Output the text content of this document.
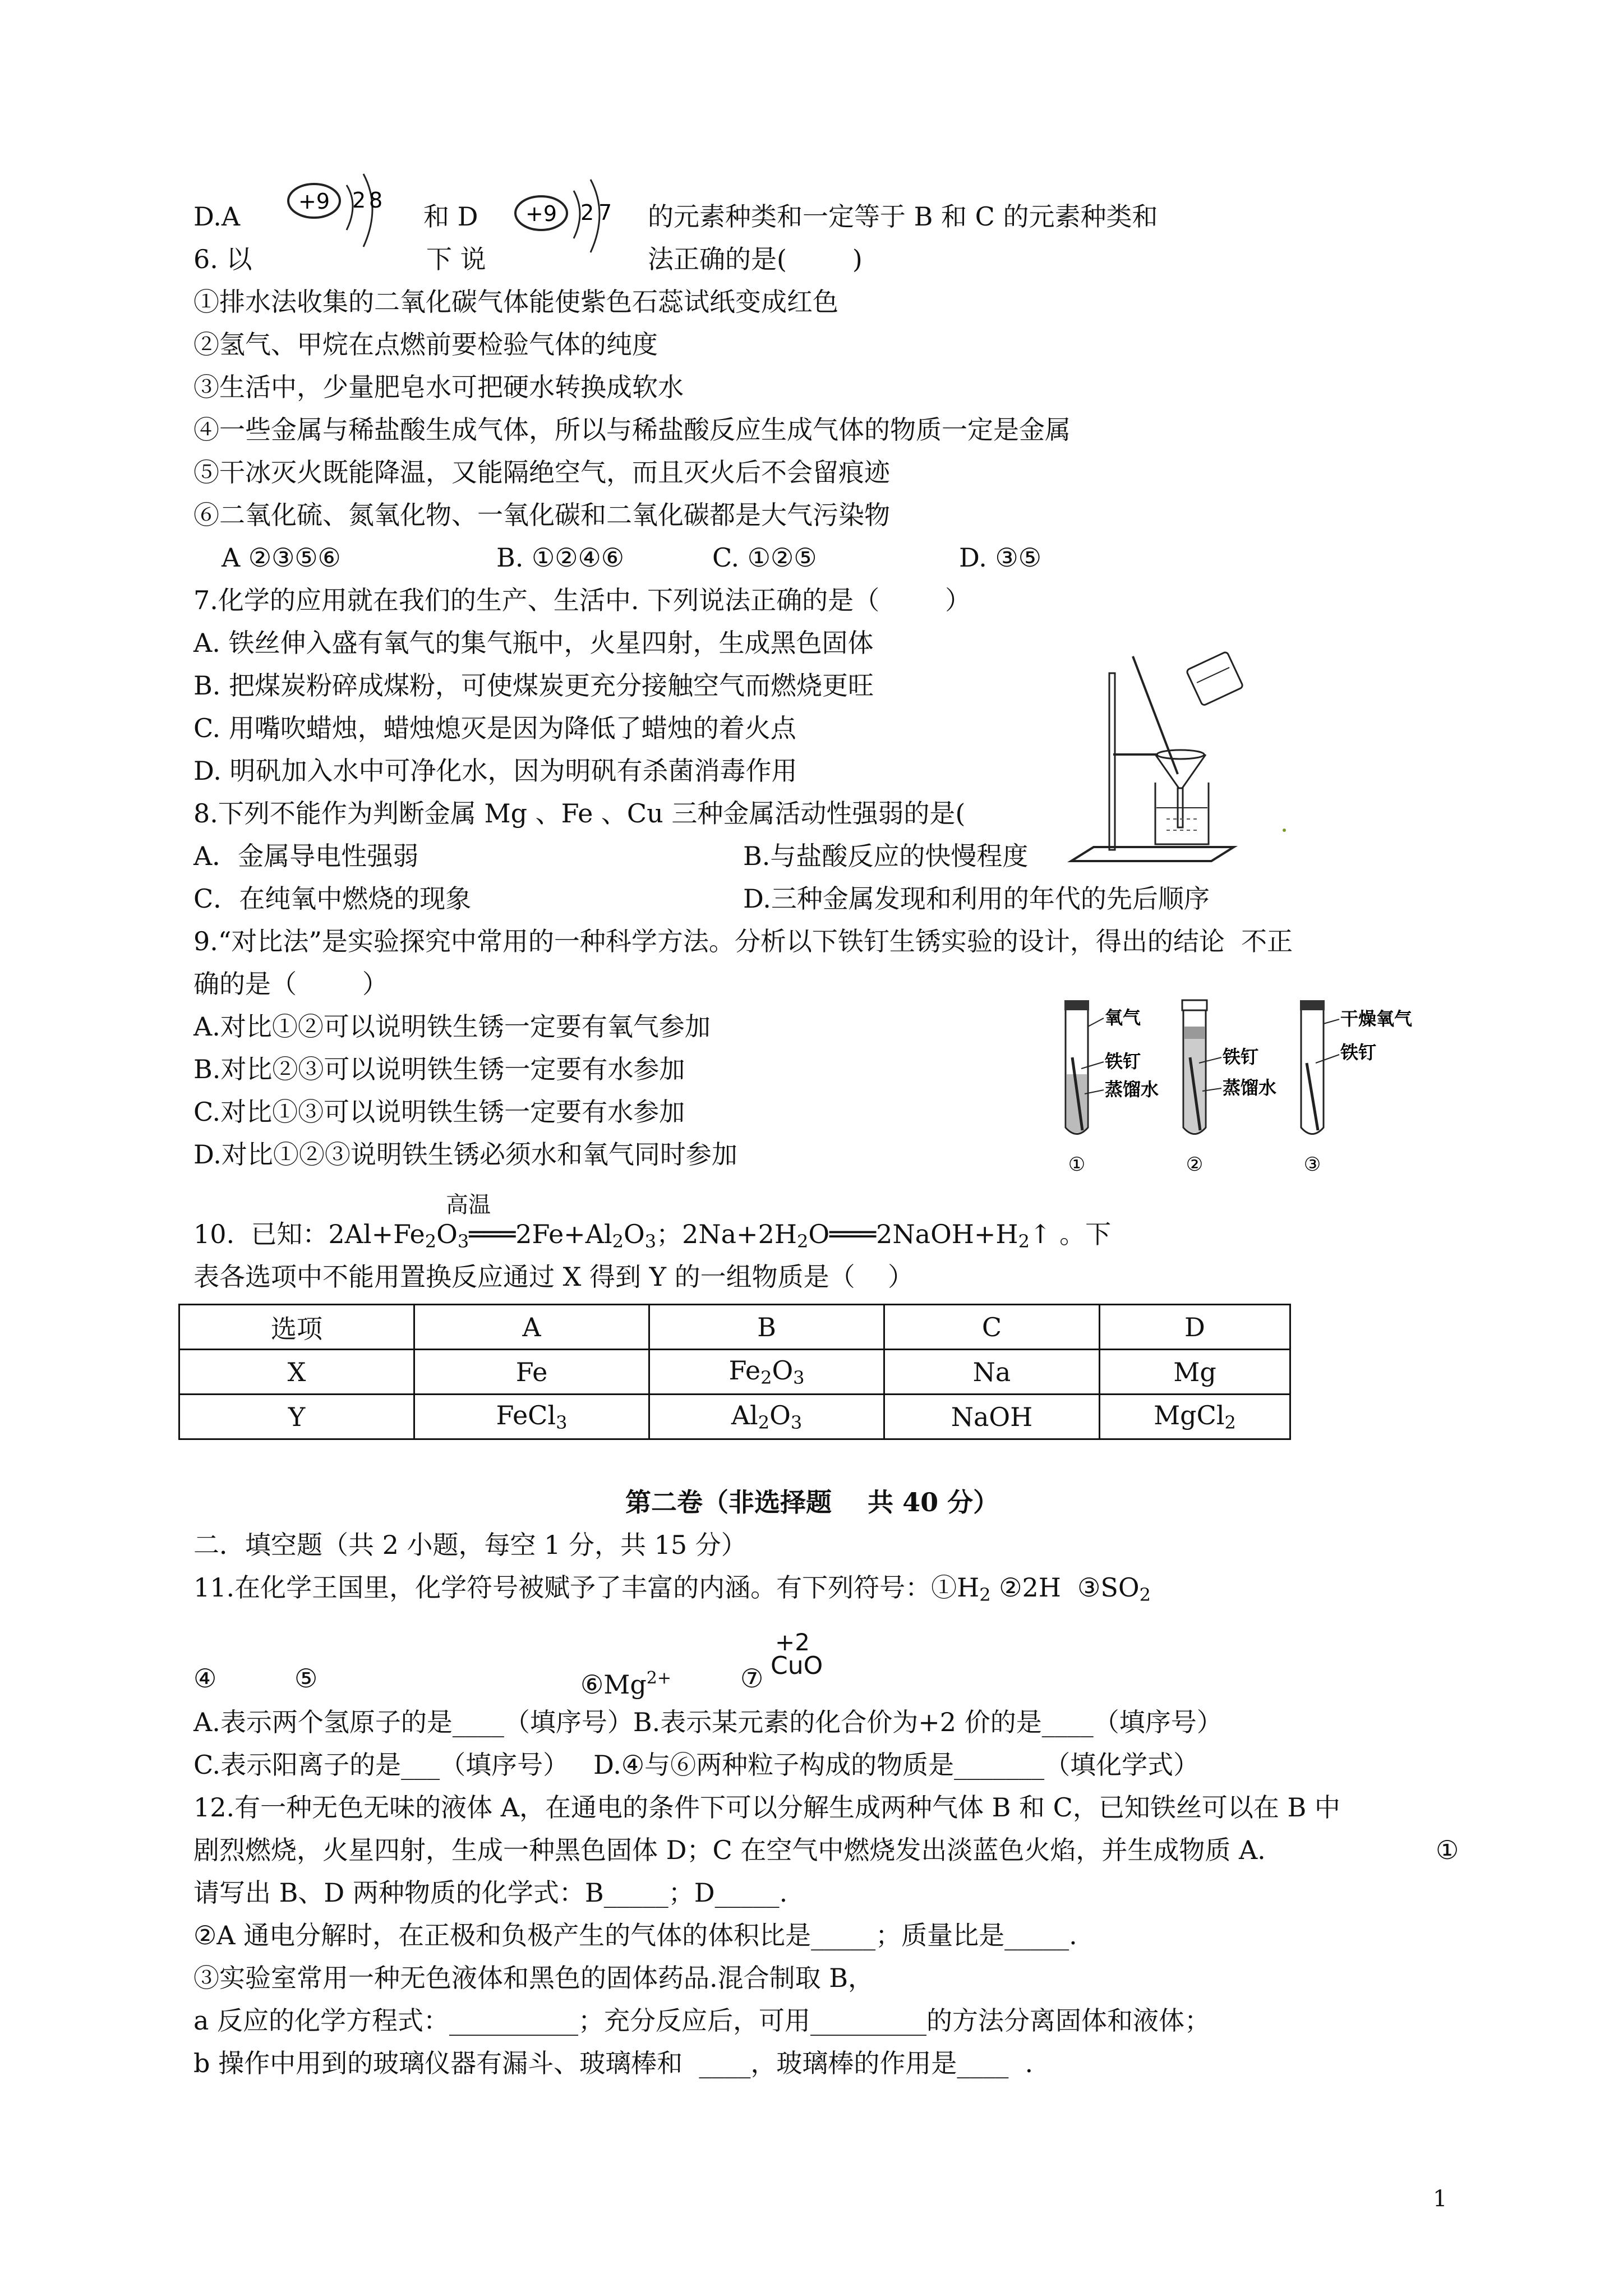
D.A	+9 2 8
和 D +9 2 7 的元素种类和一定等于 B 和 C 的元素种类和
6. 以	下 说	法正确的是(        )
①排水法收集的二氧化碳气体能使紫色石蕊试纸变成红色
②氢气、甲烷在点燃前要检验气体的纯度
③生活中，少量肥皂水可把硬水转换成软水
④一些金属与稀盐酸生成气体，所以与稀盐酸反应生成气体的物质一定是金属
⑤干冰灭火既能降温，又能隔绝空气，而且灭火后不会留痕迹
⑥二氧化硫、氮氧化物、一氧化碳和二氧化碳都是大气污染物
A ②③⑤⑥	B. ①②④⑥	C. ①②⑤	D. ③⑤
7.化学的应用就在我们的生产、生活中. 下列说法正确的是（        ）
A. 铁丝伸入盛有氧气的集气瓶中，火星四射，生成黑色固体
B. 把煤炭粉碎成煤粉，可使煤炭更充分接触空气而燃烧更旺
C. 用嘴吹蜡烛，蜡烛熄灭是因为降低了蜡烛的着火点
D. 明矾加入水中可净化水，因为明矾有杀菌消毒作用
8.下列不能作为判断金属 Mg 、Fe 、Cu 三种金属活动性强弱的是(
A．金属导电性强弱	B.与盐酸反应的快慢程度
C．在纯氧中燃烧的现象	D.三种金属发现和利用的年代的先后顺序
9.“对比法”是实验探究中常用的一种科学方法。分析以下铁钉生锈实验的设计，得出的结论  不正
确的是（        ）
A.对比①②可以说明铁生锈一定要有氧气参加
B.对比②③可以说明铁生锈一定要有水参加
C.对比①③可以说明铁生锈一定要有水参加
D.对比①②③说明铁生锈必须水和氧气同时参加
氧气
铁钉
蒸馏水
①
铁钉
蒸馏水
②
干燥氧气
铁钉
③
高温
10.  已知：$2Al+Fe_2O_3═══2Fe+Al_2O_3$；$2Na+2H_2O═══2NaOH+H_2↑$ 。下
表各选项中不能用置换反应通过 X 得到 Y 的一组物质是（    ）
选项	A	B	C	D
X	Fe	$Fe_2O_3$	Na	Mg
Y	FeCl$_3$	$Al_2O_3$	NaOH	MgCl$_2$
第二卷（非选择题    共 40 分）
二．填空题（共 2 小题，每空 1 分，共 15 分）
11.在化学王国里，化学符号被赋予了丰富的内涵。有下列符号：$①H_2$ ②2H $③SO_2$
④	⑤	$⑥Mg^{2+}$	⑦
+2
CuO
A.表示两个氢原子的是____（填序号）B.表示某元素的化合价为+2 价的是____（填序号）
C.表示阳离子的是___（填序号）   D.④与⑥两种粒子构成的物质是_______（填化学式）
12.有一种无色无味的液体 A，在通电的条件下可以分解生成两种气体 B 和 C，已知铁丝可以在 B 中
剧烈燃烧，火星四射，生成一种黑色固体 D；C 在空气中燃烧发出淡蓝色火焰，并生成物质 A.	①
请写出 B、D 两种物质的化学式：B_____；D_____.
②A 通电分解时，在正极和负极产生的气体的体积比是_____；质量比是_____.
③实验室常用一种无色液体和黑色的固体药品.混合制取 B，
a 反应的化学方程式：__________；充分反应后，可用_________的方法分离固体和液体；
b 操作中用到的玻璃仪器有漏斗、玻璃棒和  ____，玻璃棒的作用是____  .
1
